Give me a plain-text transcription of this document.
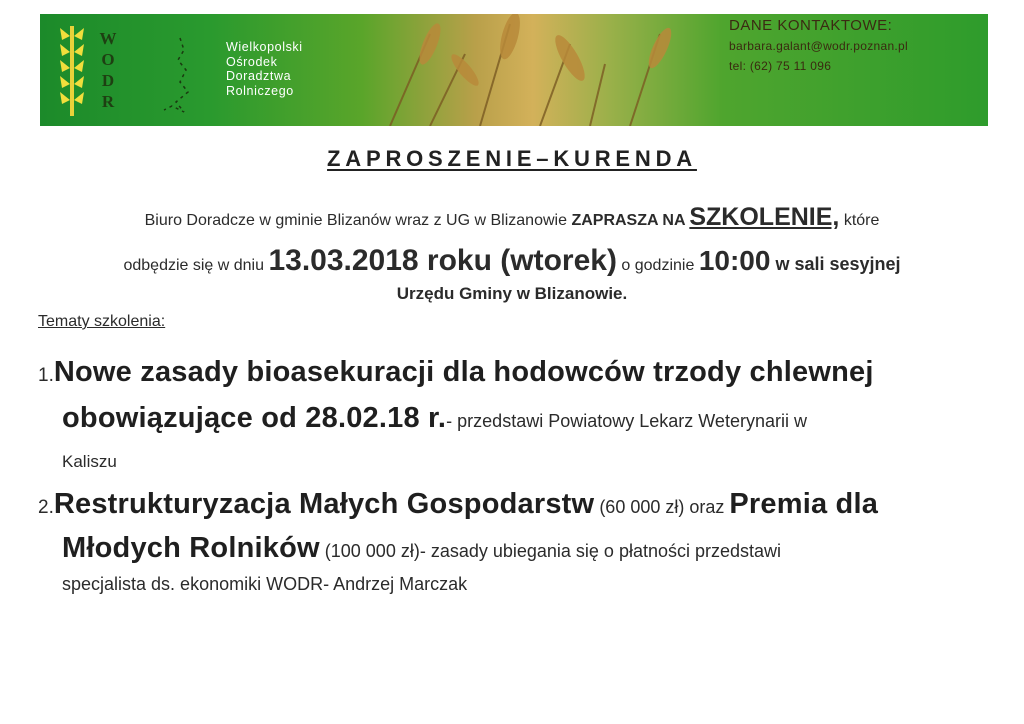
W
O
D
R
Wielkopolski
Ośrodek
Doradztwa
Rolniczego
DANE KONTAKTOWE:
barbara.galant@wodr.poznan.pl
tel: (62) 75 11 096
ZAPROSZENIE–KURENDA
Biuro Doradcze w gminie Blizanów wraz z UG w Blizanowie ZAPRASZA NA SZKOLENIE, które
odbędzie się w dniu 13.03.2018 roku (wtorek) o godzinie 10:00 w sali sesyjnej
Urzędu Gminy w Blizanowie.
Tematy szkolenia:
1.Nowe zasady bioasekuracji dla hodowców trzody chlewnej
obowiązujące od 28.02.18 r.- przedstawi Powiatowy Lekarz Weterynarii w
Kaliszu
2.Restrukturyzacja Małych Gospodarstw (60 000 zł) oraz Premia dla
Młodych Rolników (100 000 zł)- zasady ubiegania się o płatności przedstawi
specjalista ds. ekonomiki WODR- Andrzej Marczak
